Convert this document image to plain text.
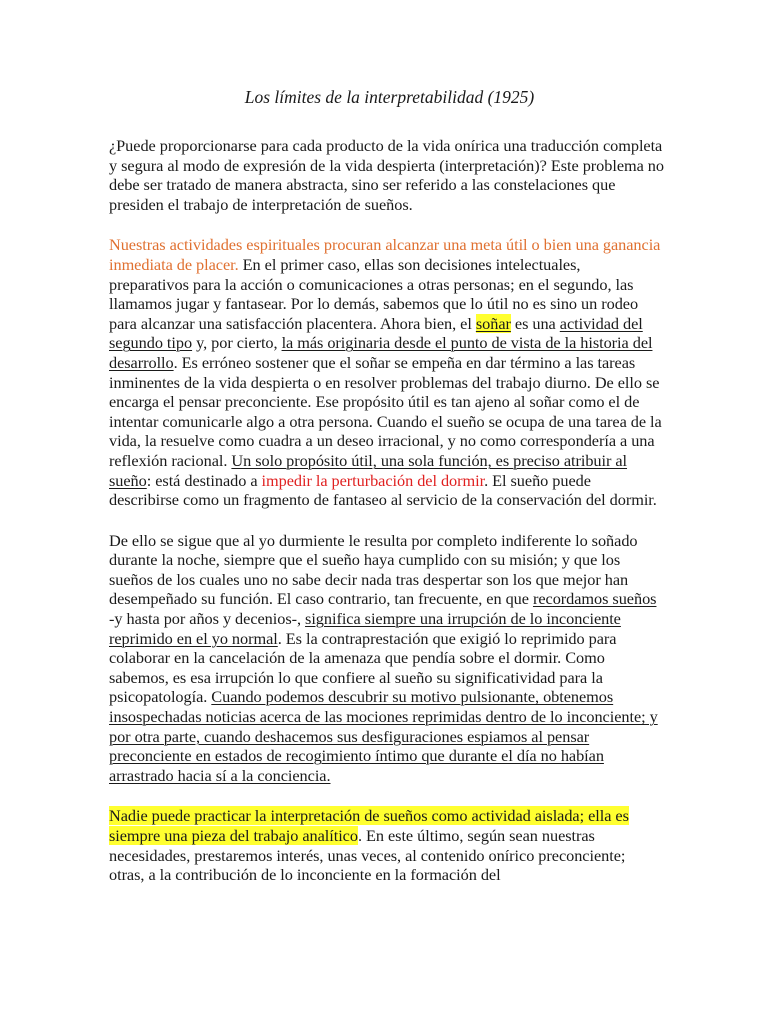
Los límites de la interpretabilidad (1925)

¿Puede proporcionarse para cada producto de la vida onírica una traducción completa y segura al modo de expresión de la vida despierta (interpretación)? Este problema no debe ser tratado de manera abstracta, sino ser referido a las constelaciones que presiden el trabajo de interpretación de sueños.

Nuestras actividades espirituales procuran alcanzar una meta útil o bien una ganancia inmediata de placer. En el primer caso, ellas son decisiones intelectuales, preparativos para la acción o comunicaciones a otras personas; en el segundo, las llamamos jugar y fantasear. Por lo demás, sabemos que lo útil no es sino un rodeo para alcanzar una satisfacción placentera. Ahora bien, el soñar es una actividad del segundo tipo y, por cierto, la más originaria desde el punto de vista de la historia del desarrollo. Es erróneo sostener que el soñar se empeña en dar término a las tareas inminentes de la vida despierta o en resolver problemas del trabajo diurno. De ello se encarga el pensar preconciente. Ese propósito útil es tan ajeno al soñar como el de intentar comunicarle algo a otra persona. Cuando el sueño se ocupa de una tarea de la vida, la resuelve como cuadra a un deseo irracional, y no como correspondería a una reflexión racional. Un solo propósito útil, una sola función, es preciso atribuir al sueño: está destinado a impedir la perturbación del dormir. El sueño puede describirse como un fragmento de fantaseo al servicio de la conservación del dormir.

De ello se sigue que al yo durmiente le resulta por completo indiferente lo soñado durante la noche, siempre que el sueño haya cumplido con su misión; y que los sueños de los cuales uno no sabe decir nada tras despertar son los que mejor han desempeñado su función. El caso contrario, tan frecuente, en que recordamos sueños -y hasta por años y decenios-, significa siempre una irrupción de lo inconciente reprimido en el yo normal. Es la contraprestación que exigió lo reprimido para colaborar en la cancelación de la amenaza que pendía sobre el dormir. Como sabemos, es esa irrupción lo que confiere al sueño su significatividad para la psicopatología. Cuando podemos descubrir su motivo pulsionante, obtenemos insospechadas noticias acerca de las mociones reprimidas dentro de lo inconciente; y por otra parte, cuando deshacemos sus desfiguraciones espiamos al pensar preconciente en estados de recogimiento íntimo que durante el día no habían arrastrado hacia sí a la conciencia.

Nadie puede practicar la interpretación de sueños como actividad aislada; ella es siempre una pieza del trabajo analítico. En este último, según sean nuestras necesidades, prestaremos interés, unas veces, al contenido onírico preconciente; otras, a la contribución de lo inconciente en la formación del
